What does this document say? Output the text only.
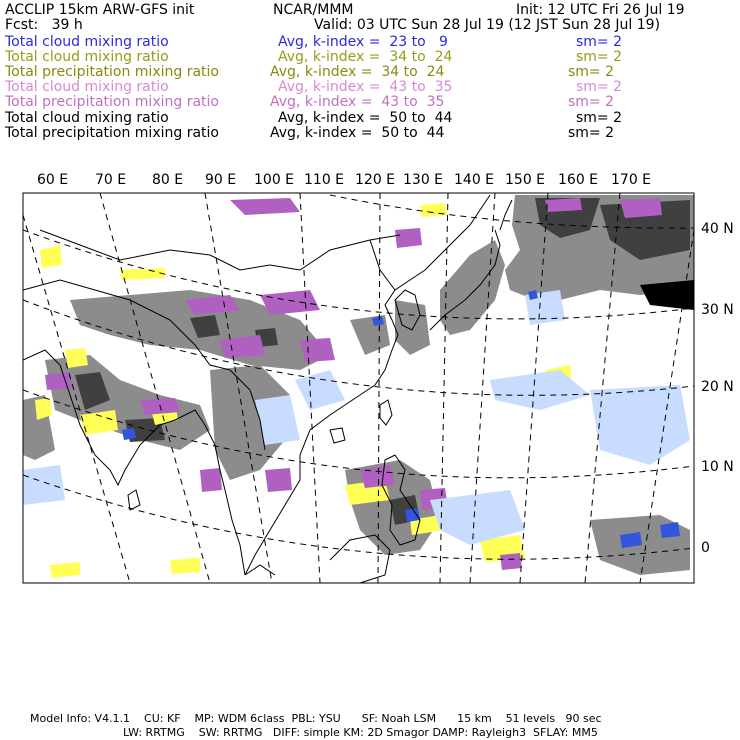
ACCLIP 15km ARW-GFS init	NCAR/MMM	Init: 12 UTC Fri 26 Jul 19
Fcst:   39 h	Valid: 03 UTC Sun 28 Jul 19 (12 JST Sun 28 Jul 19)
Total cloud mixing ratio	Avg, k-index =  23 to   9	sm= 2
Total cloud mixing ratio	Avg, k-index =  34 to  24	sm= 2
Total precipitation mixing ratio	Avg, k-index =  34 to  24	sm= 2
Total cloud mixing ratio	Avg, k-index =  43 to  35	sm= 2
Total precipitation mixing ratio	Avg, k-index =  43 to  35	sm= 2
Total cloud mixing ratio	Avg, k-index =  50 to  44	sm= 2
Total precipitation mixing ratio	Avg, k-index =  50 to  44	sm= 2
60 E 70 E 80 E 90 E 100 E 110 E 120 E 130 E 140 E 150 E 160 E 170 E
40 N
30 N
20 N
10 N
0
Model Info: V4.1.1    CU: KF    MP: WDM 6class  PBL: YSU      SF: Noah LSM      15 km    51 levels   90 sec
LW: RRTMG    SW: RRTMG   DIFF: simple KM: 2D Smagor DAMP: Rayleigh3  SFLAY: MM5
